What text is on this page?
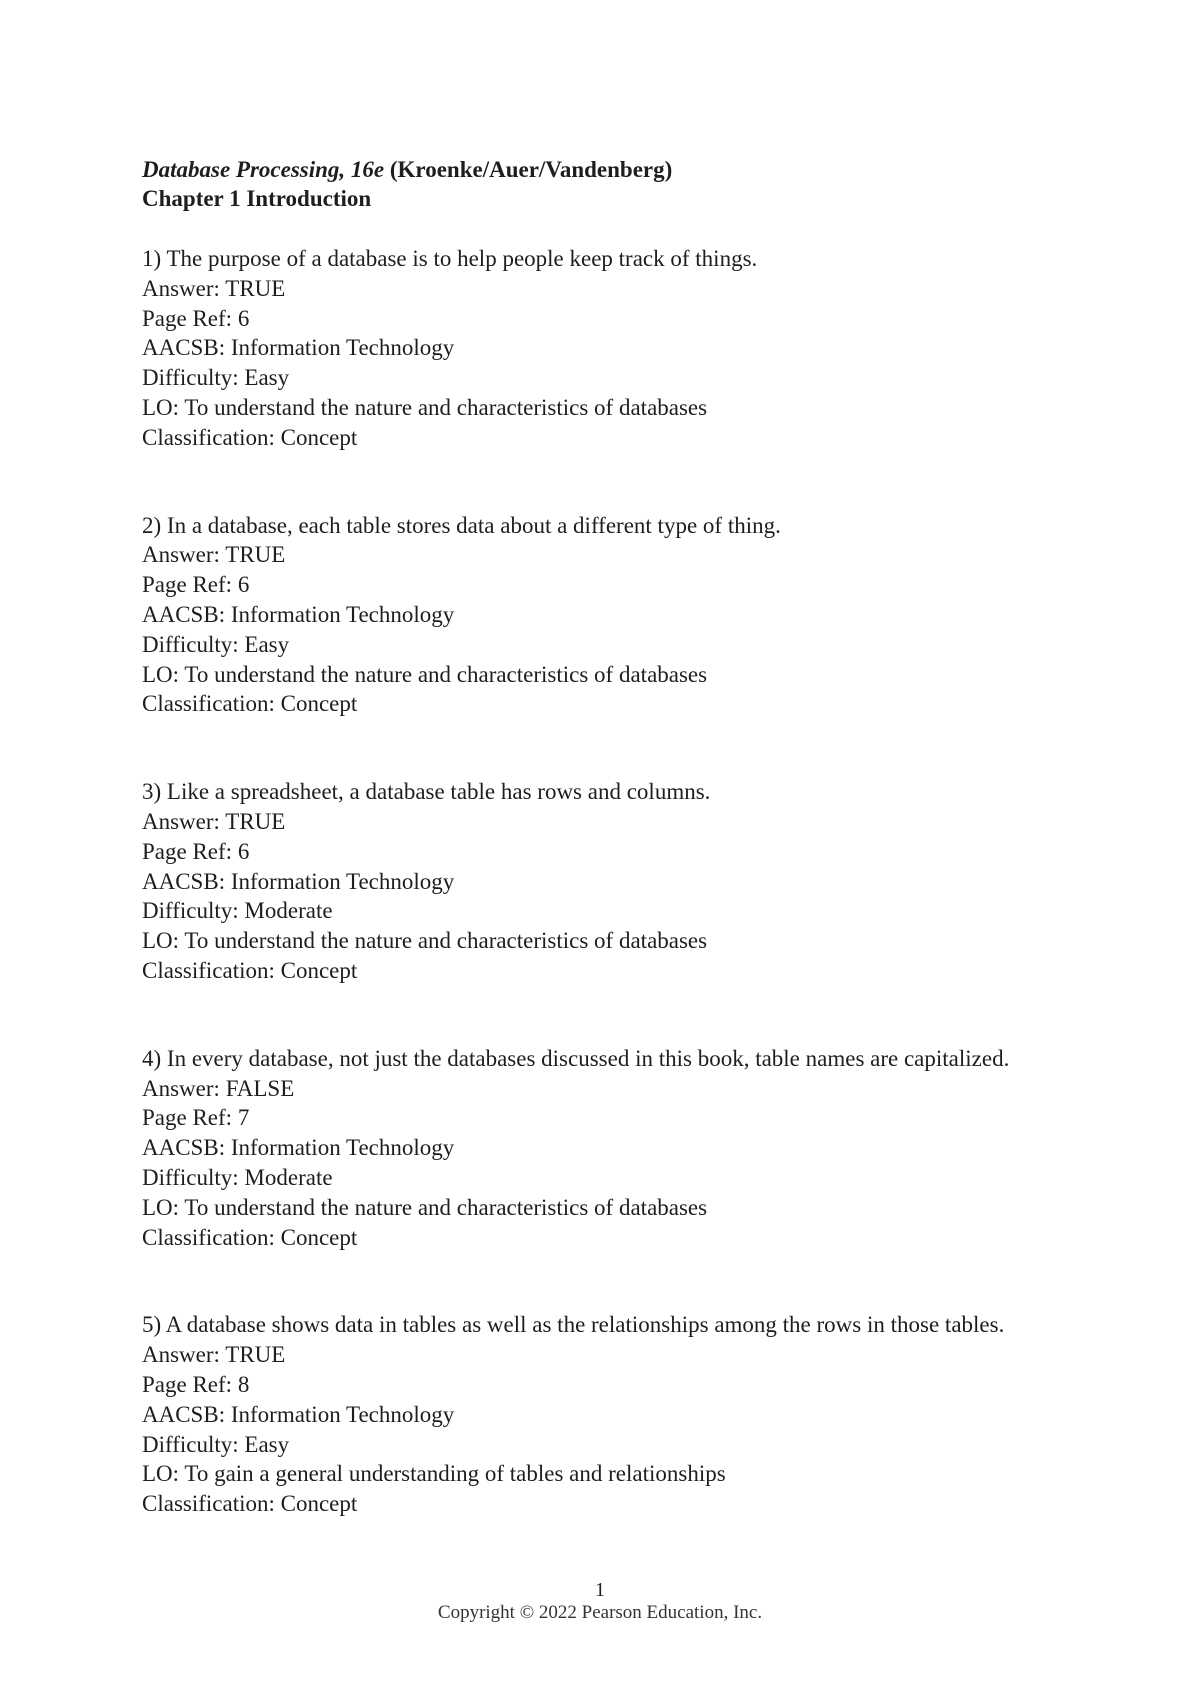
Database Processing, 16e (Kroenke/Auer/Vandenberg)
Chapter 1 Introduction
1) The purpose of a database is to help people keep track of things.
Answer: TRUE
Page Ref: 6
AACSB: Information Technology
Difficulty: Easy
LO: To understand the nature and characteristics of databases
Classification: Concept
2) In a database, each table stores data about a different type of thing.
Answer: TRUE
Page Ref: 6
AACSB: Information Technology
Difficulty: Easy
LO: To understand the nature and characteristics of databases
Classification: Concept
3) Like a spreadsheet, a database table has rows and columns.
Answer: TRUE
Page Ref: 6
AACSB: Information Technology
Difficulty: Moderate
LO: To understand the nature and characteristics of databases
Classification: Concept
4) In every database, not just the databases discussed in this book, table names are capitalized.
Answer: FALSE
Page Ref: 7
AACSB: Information Technology
Difficulty: Moderate
LO: To understand the nature and characteristics of databases
Classification: Concept
5) A database shows data in tables as well as the relationships among the rows in those tables.
Answer: TRUE
Page Ref: 8
AACSB: Information Technology
Difficulty: Easy
LO: To gain a general understanding of tables and relationships
Classification: Concept
1
Copyright © 2022 Pearson Education, Inc.
